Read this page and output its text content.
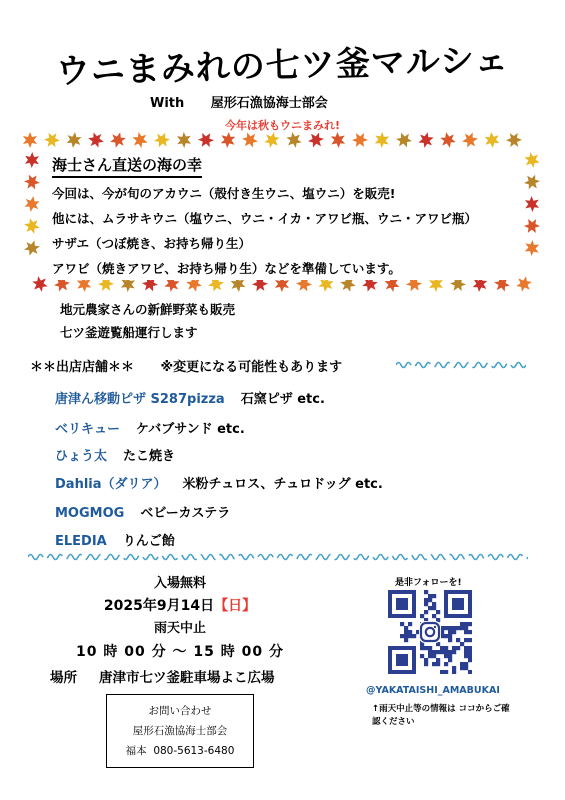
ウニまみれの七ツ釜マルシェ
With 屋形石漁協海士部会
今年は秋もウニまみれ!
海士さん直送の海の幸
今回は、今が旬のアカウニ（殻付き生ウニ、塩ウニ）を販売!
他には、ムラサキウニ（塩ウニ、ウニ・イカ・アワビ瓶、ウニ・アワビ瓶）
サザエ（つぼ焼き、お持ち帰り生）
アワビ（焼きアワビ、お持ち帰り生）などを準備しています。
地元農家さんの新鮮野菜も販売
七ツ釜遊覧船運行します
＊＊出店店舗＊＊ ※変更になる可能性もあります
唐津ん移動ピザ S287pizza 石窯ピザ etc.
ベリキュー ケバブサンド etc.
ひょう太 たこ焼き
Dahlia（ダリア） 米粉チュロス、チュロドッグ etc.
MOGMOG ベビーカステラ
ELEDIA りんご飴
入場無料
2025年9月14日【日】
雨天中止
10 時 00 分 ～ 15 時 00 分
場所 唐津市七ツ釜駐車場よこ広場
お問い合わせ
屋形石漁協海士部会
福本 080-5613-6480
是非フォローを!
@YAKATAISHI_AMABUKAI
↑雨天中止等の情報は ココからご確認ください
